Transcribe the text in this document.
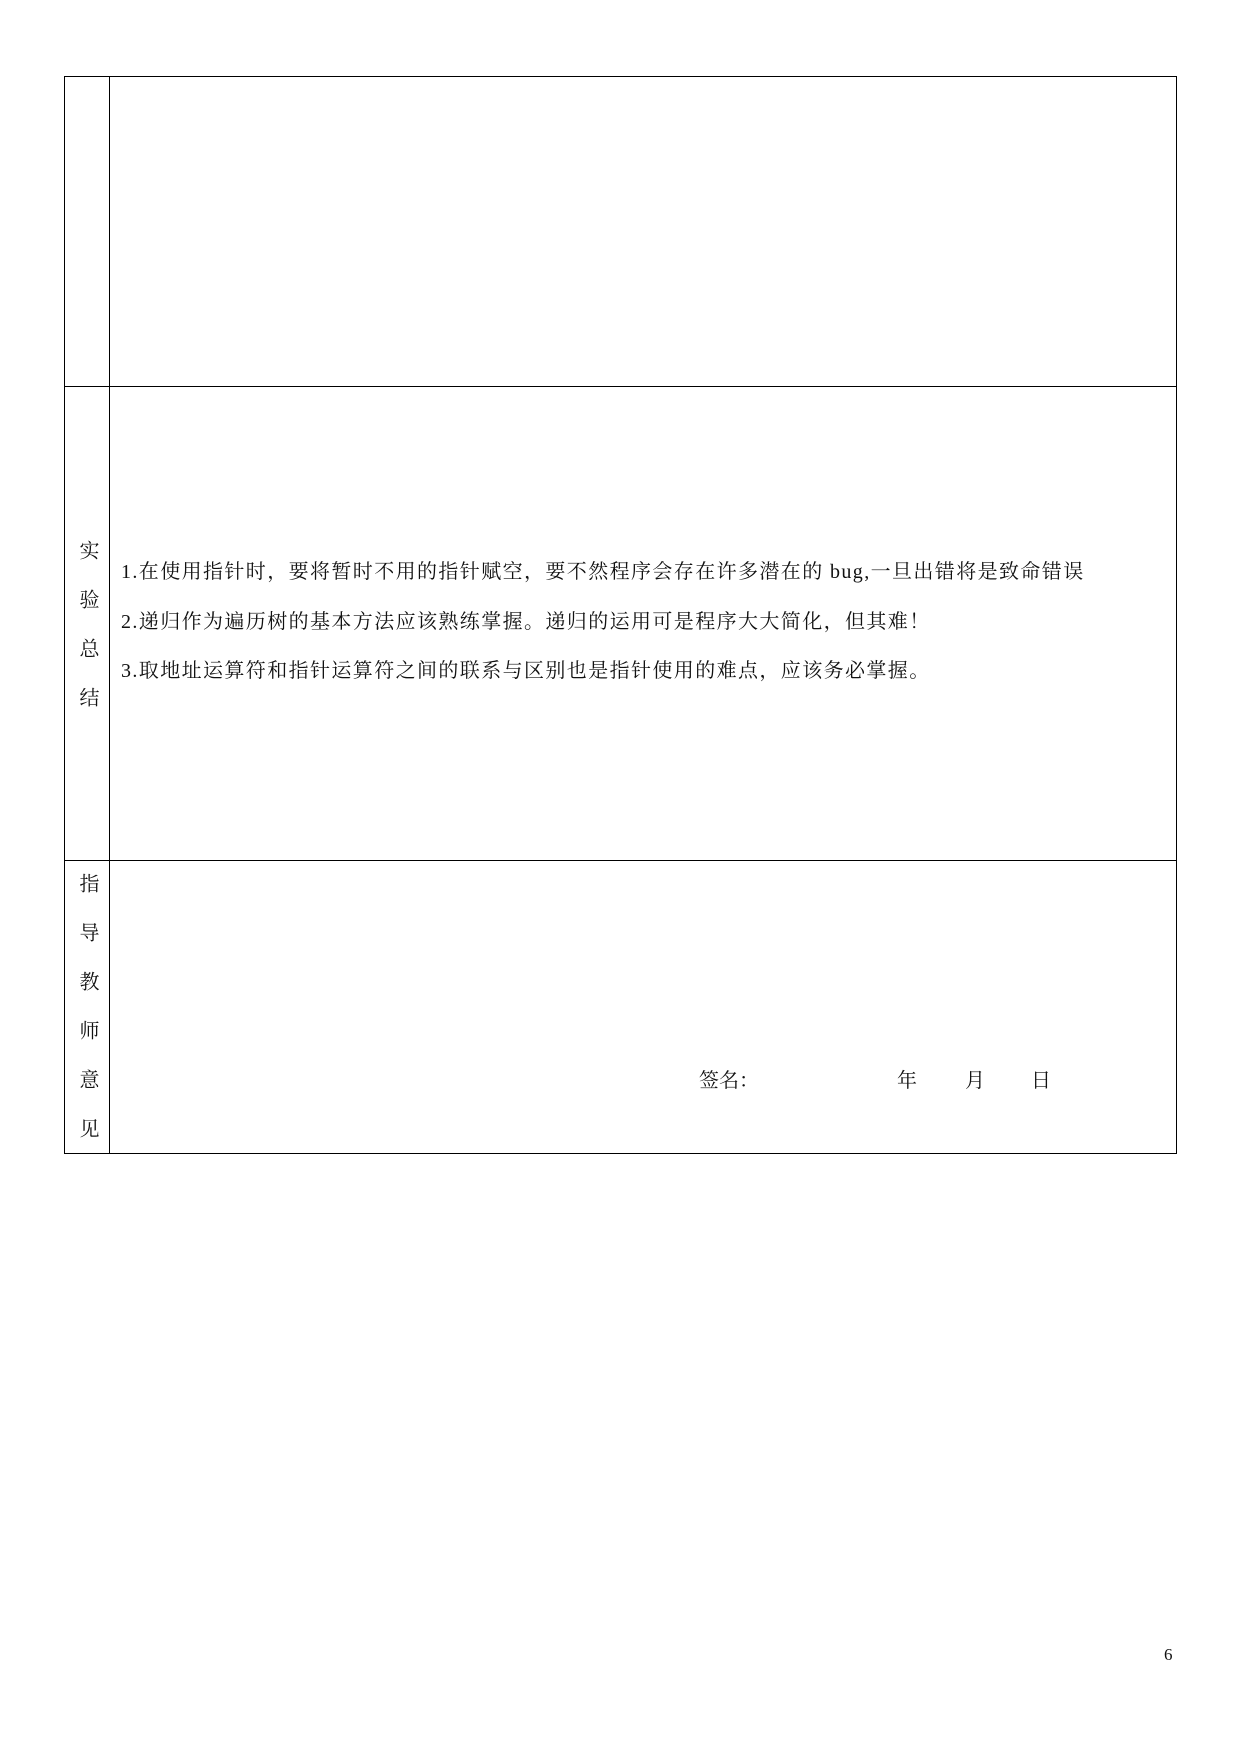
实验总结 1.在使用指针时，要将暂时不用的指针赋空，要不然程序会存在许多潜在的 bug,一旦出错将是致命错误
2.递归作为遍历树的基本方法应该熟练掌握。递归的运用可是程序大大简化，但其难！
3.取地址运算符和指针运算符之间的联系与区别也是指针使用的难点，应该务必掌握。
指导教师意见	签名：	年 月 日
6
